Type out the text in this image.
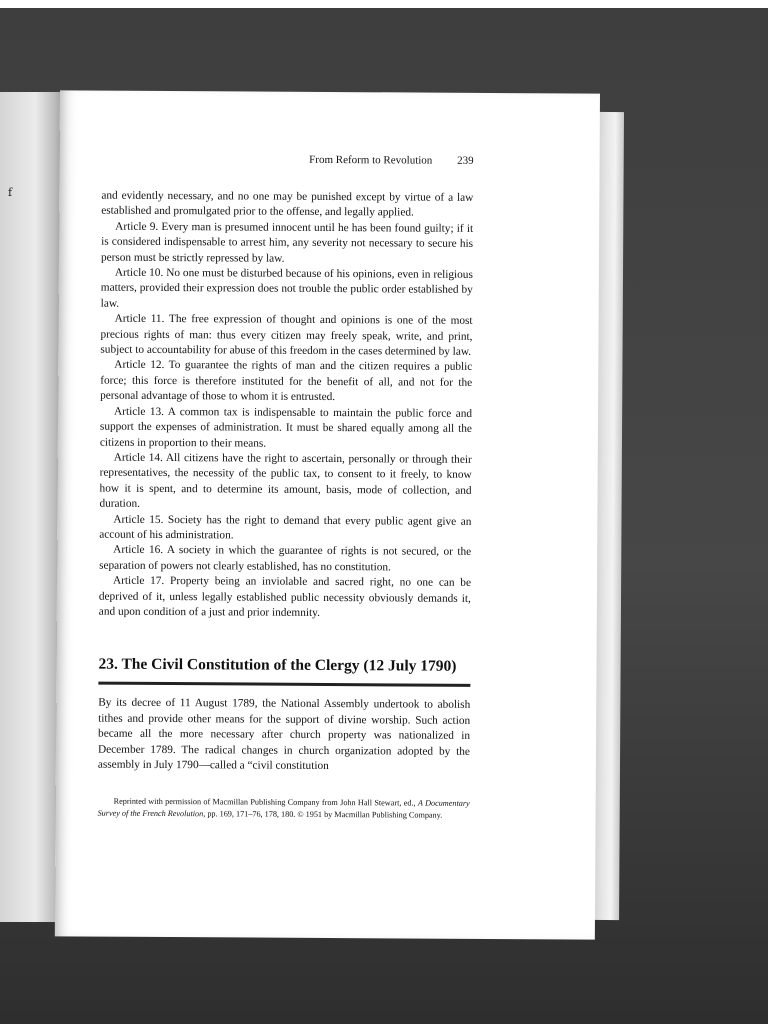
f
From Reform to Revolution 239

and evidently necessary, and no one may be punished except by virtue of a law established and promulgated prior to the offense, and legally applied.

Article 9. Every man is presumed innocent until he has been found guilty; if it is considered indispensable to arrest him, any severity not necessary to secure his person must be strictly repressed by law.

Article 10. No one must be disturbed because of his opinions, even in religious matters, provided their expression does not trouble the public order established by law.

Article 11. The free expression of thought and opinions is one of the most precious rights of man: thus every citizen may freely speak, write, and print, subject to accountability for abuse of this freedom in the cases determined by law.

Article 12. To guarantee the rights of man and the citizen requires a public force; this force is therefore instituted for the benefit of all, and not for the personal advantage of those to whom it is entrusted.

Article 13. A common tax is indispensable to maintain the public force and support the expenses of administration. It must be shared equally among all the citizens in proportion to their means.

Article 14. All citizens have the right to ascertain, personally or through their representatives, the necessity of the public tax, to consent to it freely, to know how it is spent, and to determine its amount, basis, mode of collection, and duration.

Article 15. Society has the right to demand that every public agent give an account of his administration.

Article 16. A society in which the guarantee of rights is not secured, or the separation of powers not clearly established, has no constitution.

Article 17. Property being an inviolable and sacred right, no one can be deprived of it, unless legally established public necessity obviously demands it, and upon condition of a just and prior indemnity.

23. The Civil Constitution of the Clergy (12 July 1790)

By its decree of 11 August 1789, the National Assembly undertook to abolish tithes and provide other means for the support of divine worship. Such action became all the more necessary after church property was nationalized in December 1789. The radical changes in church organization adopted by the assembly in July 1790—called a “civil constitution

Reprinted with permission of Macmillan Publishing Company from John Hall Stewart, ed., A Documentary Survey of the French Revolution, pp. 169, 171–76, 178, 180. © 1951 by Macmillan Publishing Company.
